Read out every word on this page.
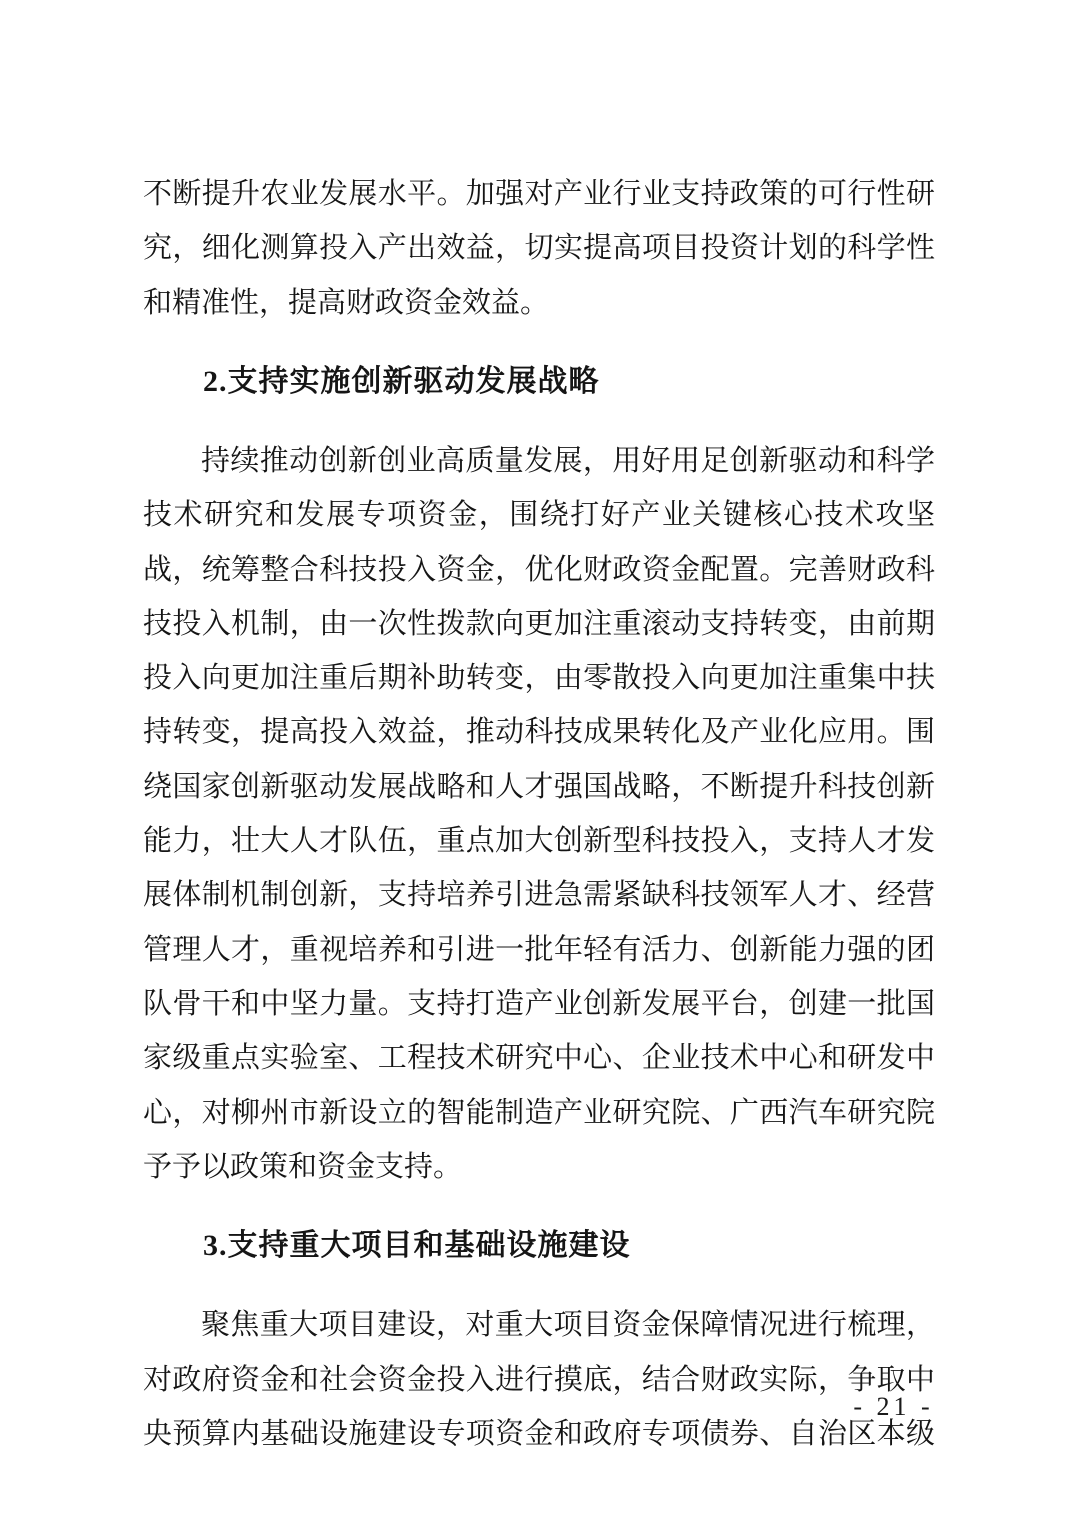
不断提升农业发展水平。加强对产业行业支持政策的可行性研
究，细化测算投入产出效益，切实提高项目投资计划的科学性
和精准性，提高财政资金效益。
2.支持实施创新驱动发展战略
持续推动创新创业高质量发展，用好用足创新驱动和科学
技术研究和发展专项资金，围绕打好产业关键核心技术攻坚
战，统筹整合科技投入资金，优化财政资金配置。完善财政科
技投入机制，由一次性拨款向更加注重滚动支持转变，由前期
投入向更加注重后期补助转变，由零散投入向更加注重集中扶
持转变，提高投入效益，推动科技成果转化及产业化应用。围
绕国家创新驱动发展战略和人才强国战略，不断提升科技创新
能力，壮大人才队伍，重点加大创新型科技投入，支持人才发
展体制机制创新，支持培养引进急需紧缺科技领军人才、经营
管理人才，重视培养和引进一批年轻有活力、创新能力强的团
队骨干和中坚力量。支持打造产业创新发展平台，创建一批国
家级重点实验室、工程技术研究中心、企业技术中心和研发中
心，对柳州市新设立的智能制造产业研究院、广西汽车研究院
予予以政策和资金支持。
3.支持重大项目和基础设施建设
聚焦重大项目建设，对重大项目资金保障情况进行梳理，
对政府资金和社会资金投入进行摸底，结合财政实际，争取中
央预算内基础设施建设专项资金和政府专项债券、自治区本级
- 21 -
